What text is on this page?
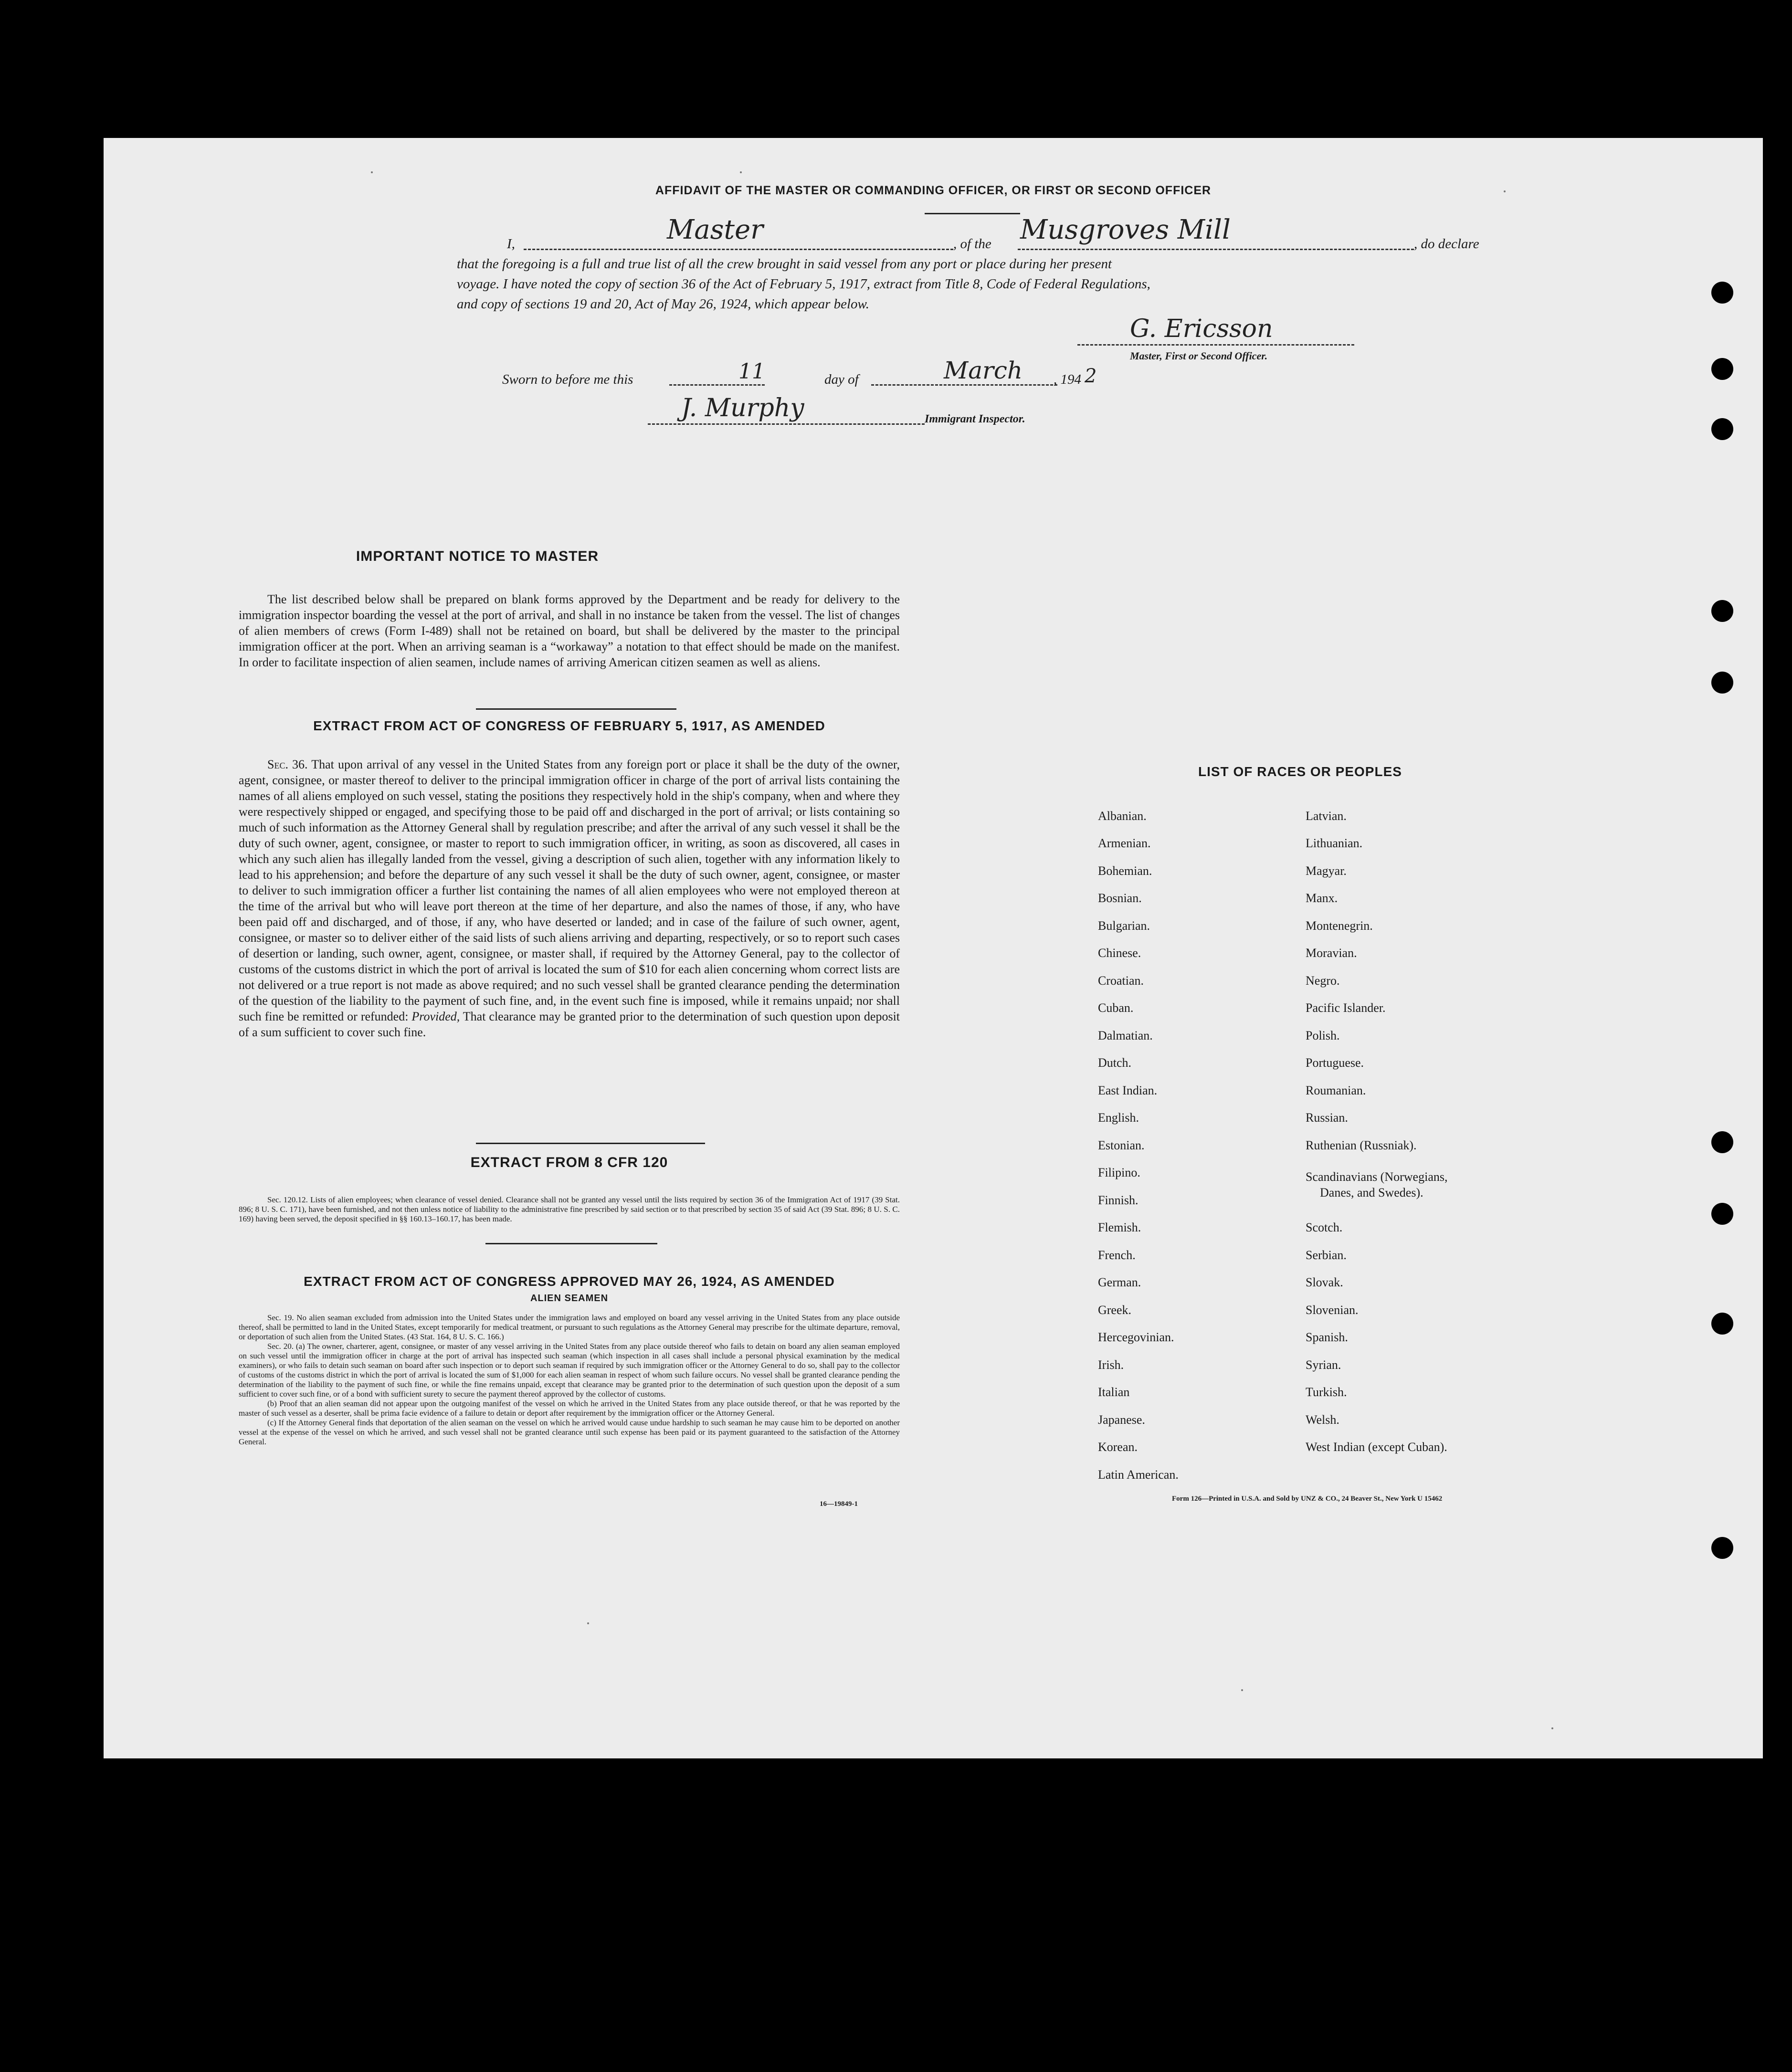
AFFIDAVIT OF THE MASTER OR COMMANDING OFFICER, OR FIRST OR SECOND OFFICER
I,	Master	, of the Musgroves Mill	, do declare
that the foregoing is a full and true list of all the crew brought in said vessel from any port or place during her present
voyage. I have noted the copy of section 36 of the Act of February 5, 1917, extract from Title 8, Code of Federal Regulations,
and copy of sections 19 and 20, Act of May 26, 1924, which appear below.
G. Ericsson
Master, First or Second Officer.
Sworn to before me this	11	day of	March , 194 2
J. Murphy	Immigrant Inspector.
IMPORTANT NOTICE TO MASTER
The list described below shall be prepared on blank forms approved by the Department and be ready for delivery to the immigration inspector boarding the vessel at the port of arrival, and shall in no instance be taken from the vessel. The list of changes of alien members of crews (Form I-489) shall not be retained on board, but shall be delivered by the master to the principal immigration officer at the port. When an arriving seaman is a “workaway” a notation to that effect should be made on the manifest. In order to facilitate inspection of alien seamen, include names of arriving American citizen seamen as well as aliens.
EXTRACT FROM ACT OF CONGRESS OF FEBRUARY 5, 1917, AS AMENDED
Sec. 36. That upon arrival of any vessel in the United States from any foreign port or place it shall be the duty of the owner, agent, consignee, or master thereof to deliver to the principal immigration officer in charge of the port of arrival lists containing the names of all aliens employed on such vessel, stating the positions they respectively hold in the ship's company, when and where they were respectively shipped or engaged, and specifying those to be paid off and discharged in the port of arrival; or lists containing so much of such information as the Attorney General shall by regulation prescribe; and after the arrival of any such vessel it shall be the duty of such owner, agent, consignee, or master to report to such immigration officer, in writing, as soon as discovered, all cases in which any such alien has illegally landed from the vessel, giving a description of such alien, together with any information likely to lead to his apprehension; and before the departure of any such vessel it shall be the duty of such owner, agent, consignee, or master to deliver to such immigration officer a further list containing the names of all alien employees who were not employed thereon at the time of the arrival but who will leave port thereon at the time of her departure, and also the names of those, if any, who have been paid off and discharged, and of those, if any, who have deserted or landed; and in case of the failure of such owner, agent, consignee, or master so to deliver either of the said lists of such aliens arriving and departing, respectively, or so to report such cases of desertion or landing, such owner, agent, consignee, or master shall, if required by the Attorney General, pay to the collector of customs of the customs district in which the port of arrival is located the sum of $10 for each alien concerning whom correct lists are not delivered or a true report is not made as above required; and no such vessel shall be granted clearance pending the determination of the question of the liability to the payment of such fine, and, in the event such fine is imposed, while it remains unpaid; nor shall such fine be remitted or refunded: Provided, That clearance may be granted prior to the determination of such question upon deposit of a sum sufficient to cover such fine.
EXTRACT FROM 8 CFR 120
Sec. 120.12. Lists of alien employees; when clearance of vessel denied. Clearance shall not be granted any vessel until the lists required by section 36 of the Immigration Act of 1917 (39 Stat. 896; 8 U. S. C. 171), have been furnished, and not then unless notice of liability to the administrative fine prescribed by said section or to that prescribed by section 35 of said Act (39 Stat. 896; 8 U. S. C. 169) having been served, the deposit specified in §§ 160.13–160.17, has been made.
EXTRACT FROM ACT OF CONGRESS APPROVED MAY 26, 1924, AS AMENDED
ALIEN SEAMEN
Sec. 19. No alien seaman excluded from admission into the United States under the immigration laws and employed on board any vessel arriving in the United States from any place outside thereof, shall be permitted to land in the United States, except temporarily for medical treatment, or pursuant to such regulations as the Attorney General may prescribe for the ultimate departure, removal, or deportation of such alien from the United States. (43 Stat. 164, 8 U. S. C. 166.)
Sec. 20. (a) The owner, charterer, agent, consignee, or master of any vessel arriving in the United States from any place outside thereof who fails to detain on board any alien seaman employed on such vessel until the immigration officer in charge at the port of arrival has inspected such seaman (which inspection in all cases shall include a personal physical examination by the medical examiners), or who fails to detain such seaman on board after such inspection or to deport such seaman if required by such immigration officer or the Attorney General to do so, shall pay to the collector of customs of the customs district in which the port of arrival is located the sum of $1,000 for each alien seaman in respect of whom such failure occurs. No vessel shall be granted clearance pending the determination of the liability to the payment of such fine, or while the fine remains unpaid, except that clearance may be granted prior to the determination of such question upon the deposit of a sum sufficient to cover such fine, or of a bond with sufficient surety to secure the payment thereof approved by the collector of customs.
(b) Proof that an alien seaman did not appear upon the outgoing manifest of the vessel on which he arrived in the United States from any place outside thereof, or that he was reported by the master of such vessel as a deserter, shall be prima facie evidence of a failure to detain or deport after requirement by the immigration officer or the Attorney General.
(c) If the Attorney General finds that deportation of the alien seaman on the vessel on which he arrived would cause undue hardship to such seaman he may cause him to be deported on another vessel at the expense of the vessel on which he arrived, and such vessel shall not be granted clearance until such expense has been paid or its payment guaranteed to the satisfaction of the Attorney General.
16—19849-1
LIST OF RACES OR PEOPLES
Albanian.
Armenian.
Bohemian.
Bosnian.
Bulgarian.
Chinese.
Croatian.
Cuban.
Dalmatian.
Dutch.
East Indian.
English.
Estonian.
Filipino.
Finnish.
Flemish.
French.
German.
Greek.
Hercegovinian.
Irish.
Italian
Japanese.
Korean.
Latin American.
Latvian.
Lithuanian.
Magyar.
Manx.
Montenegrin.
Moravian.
Negro.
Pacific Islander.
Polish.
Portuguese.
Roumanian.
Russian.
Ruthenian (Russniak).
Scandinavians (Norwegians,
Danes, and Swedes).
Scotch.
Serbian.
Slovak.
Slovenian.
Spanish.
Syrian.
Turkish.
Welsh.
West Indian (except Cuban).
Form 126—Printed in U.S.A. and Sold by UNZ & CO., 24 Beaver St., New York U 15462
